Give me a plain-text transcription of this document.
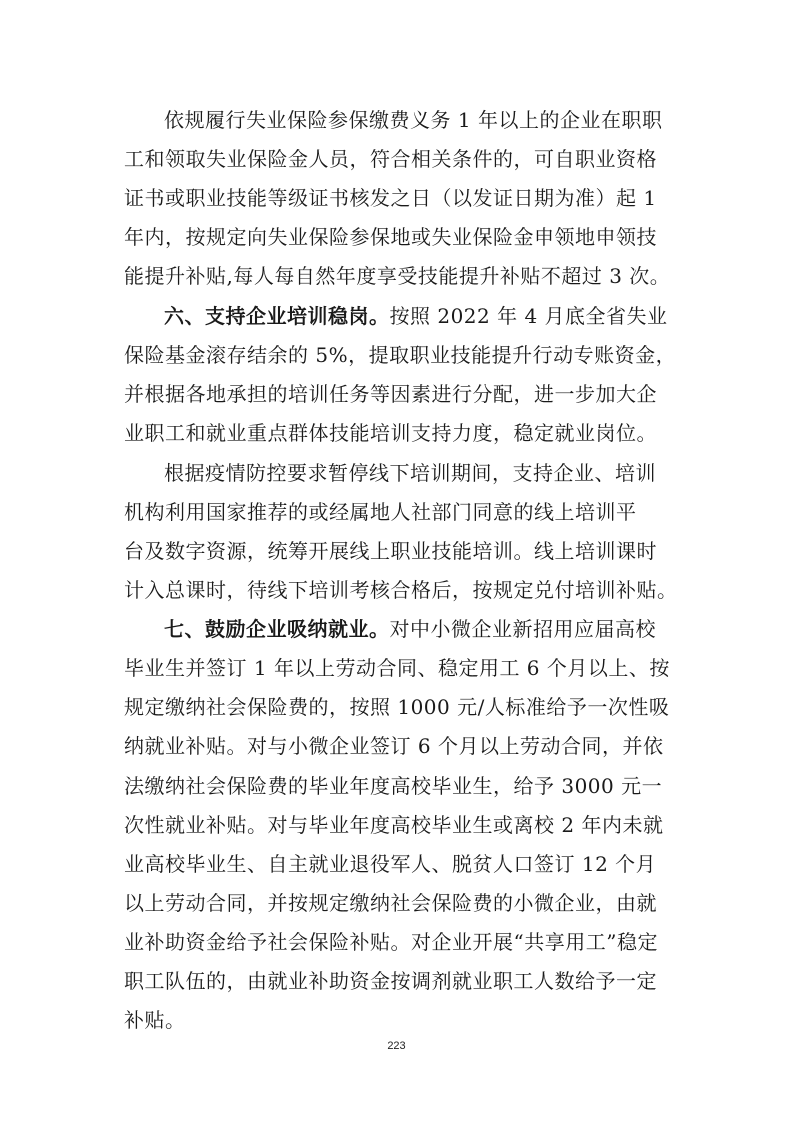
依规履行失业保险参保缴费义务 1 年以上的企业在职职
工和领取失业保险金人员，符合相关条件的，可自职业资格
证书或职业技能等级证书核发之日（以发证日期为准）起 1
年内，按规定向失业保险参保地或失业保险金申领地申领技
能提升补贴,每人每自然年度享受技能提升补贴不超过 3 次。
六、支持企业培训稳岗。按照 2022 年 4 月底全省失业
保险基金滚存结余的 5%，提取职业技能提升行动专账资金，
并根据各地承担的培训任务等因素进行分配，进一步加大企
业职工和就业重点群体技能培训支持力度，稳定就业岗位。
根据疫情防控要求暂停线下培训期间，支持企业、培训
机构利用国家推荐的或经属地人社部门同意的线上培训平
台及数字资源，统筹开展线上职业技能培训。线上培训课时
计入总课时，待线下培训考核合格后，按规定兑付培训补贴。
七、鼓励企业吸纳就业。对中小微企业新招用应届高校
毕业生并签订 1 年以上劳动合同、稳定用工 6 个月以上、按
规定缴纳社会保险费的，按照 1000 元/人标准给予一次性吸
纳就业补贴。对与小微企业签订 6 个月以上劳动合同，并依
法缴纳社会保险费的毕业年度高校毕业生，给予 3000 元一
次性就业补贴。对与毕业年度高校毕业生或离校 2 年内未就
业高校毕业生、自主就业退役军人、脱贫人口签订 12 个月
以上劳动合同，并按规定缴纳社会保险费的小微企业，由就
业补助资金给予社会保险补贴。对企业开展“共享用工”稳定
职工队伍的，由就业补助资金按调剂就业职工人数给予一定
补贴。
223
